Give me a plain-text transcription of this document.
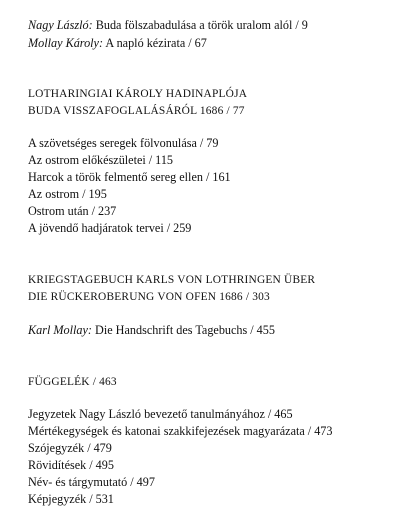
Nagy László: Buda fölszabadulása a török uralom alól / 9
Mollay Károly: A napló kézirata / 67
LOTHARINGIAI KÁROLY HADINAPLÓJA
BUDA VISSZAFOGLALÁSÁRÓL 1686 / 77
A szövetséges seregek fölvonulása / 79
Az ostrom előkészületei / 115
Harcok a török felmentő sereg ellen / 161
Az ostrom / 195
Ostrom után / 237
A jövendő hadjáratok tervei / 259
KRIEGSTAGEBUCH KARLS VON LOTHRINGEN ÜBER
DIE RÜCKEROBERUNG VON OFEN 1686 / 303
Karl Mollay: Die Handschrift des Tagebuchs / 455
FÜGGELÉK / 463
Jegyzetek Nagy László bevezető tanulmányához / 465
Mértékegységek és katonai szakkifejezések magyarázata / 473
Szójegyzék / 479
Rövidítések / 495
Név- és tárgymutató / 497
Képjegyzék / 531
